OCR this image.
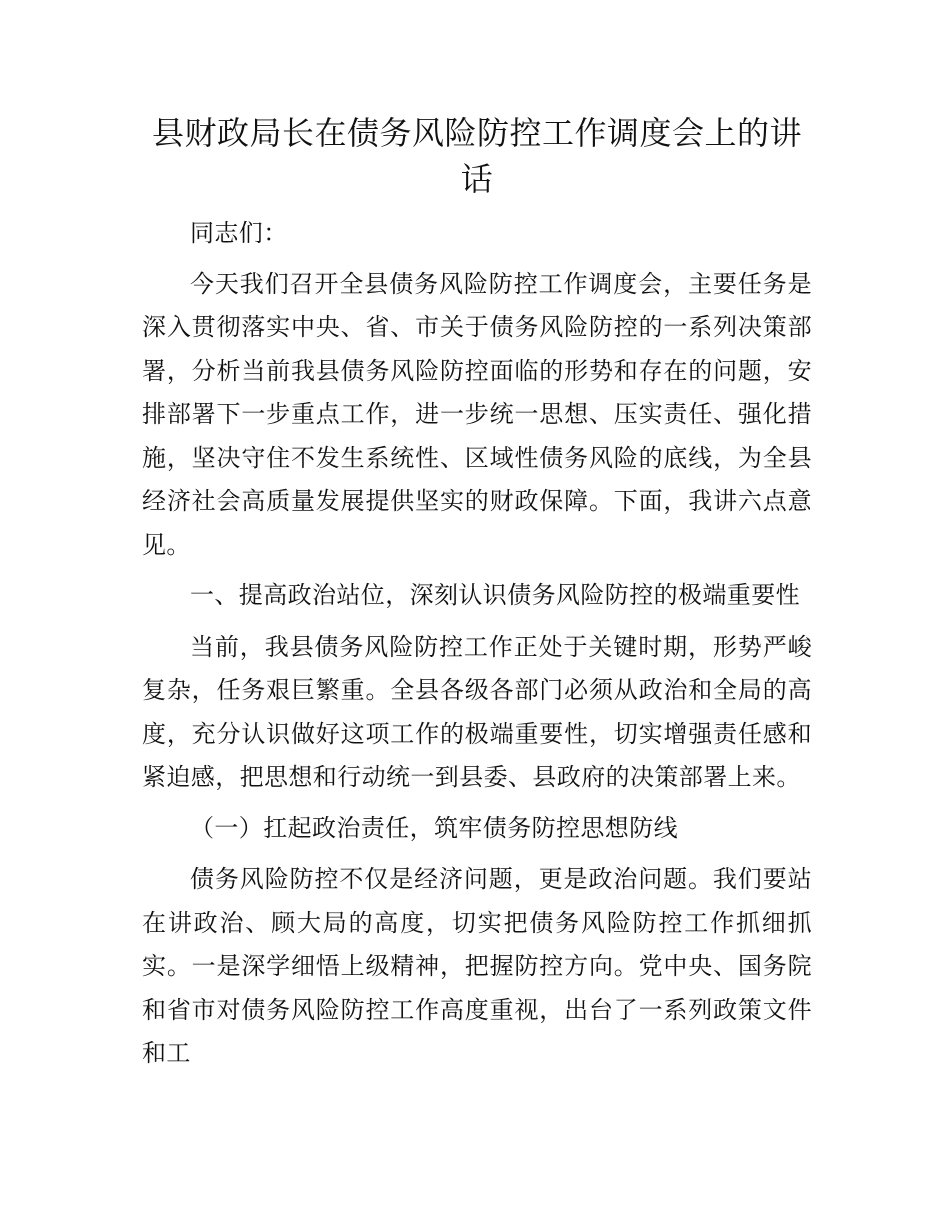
县财政局长在债务风险防控工作调度会上的讲话

同志们：

今天我们召开全县债务风险防控工作调度会，主要任务是深入贯彻落实中央、省、市关于债务风险防控的一系列决策部署，分析当前我县债务风险防控面临的形势和存在的问题，安排部署下一步重点工作，进一步统一思想、压实责任、强化措施，坚决守住不发生系统性、区域性债务风险的底线，为全县经济社会高质量发展提供坚实的财政保障。下面，我讲六点意见。

一、提高政治站位，深刻认识债务风险防控的极端重要性

当前，我县债务风险防控工作正处于关键时期，形势严峻复杂，任务艰巨繁重。全县各级各部门必须从政治和全局的高度，充分认识做好这项工作的极端重要性，切实增强责任感和紧迫感，把思想和行动统一到县委、县政府的决策部署上来。

（一）扛起政治责任，筑牢债务防控思想防线

债务风险防控不仅是经济问题，更是政治问题。我们要站在讲政治、顾大局的高度，切实把债务风险防控工作抓细抓实。一是深学细悟上级精神，把握防控方向。党中央、国务院和省市对债务风险防控工作高度重视，出台了一系列政策文件和工
